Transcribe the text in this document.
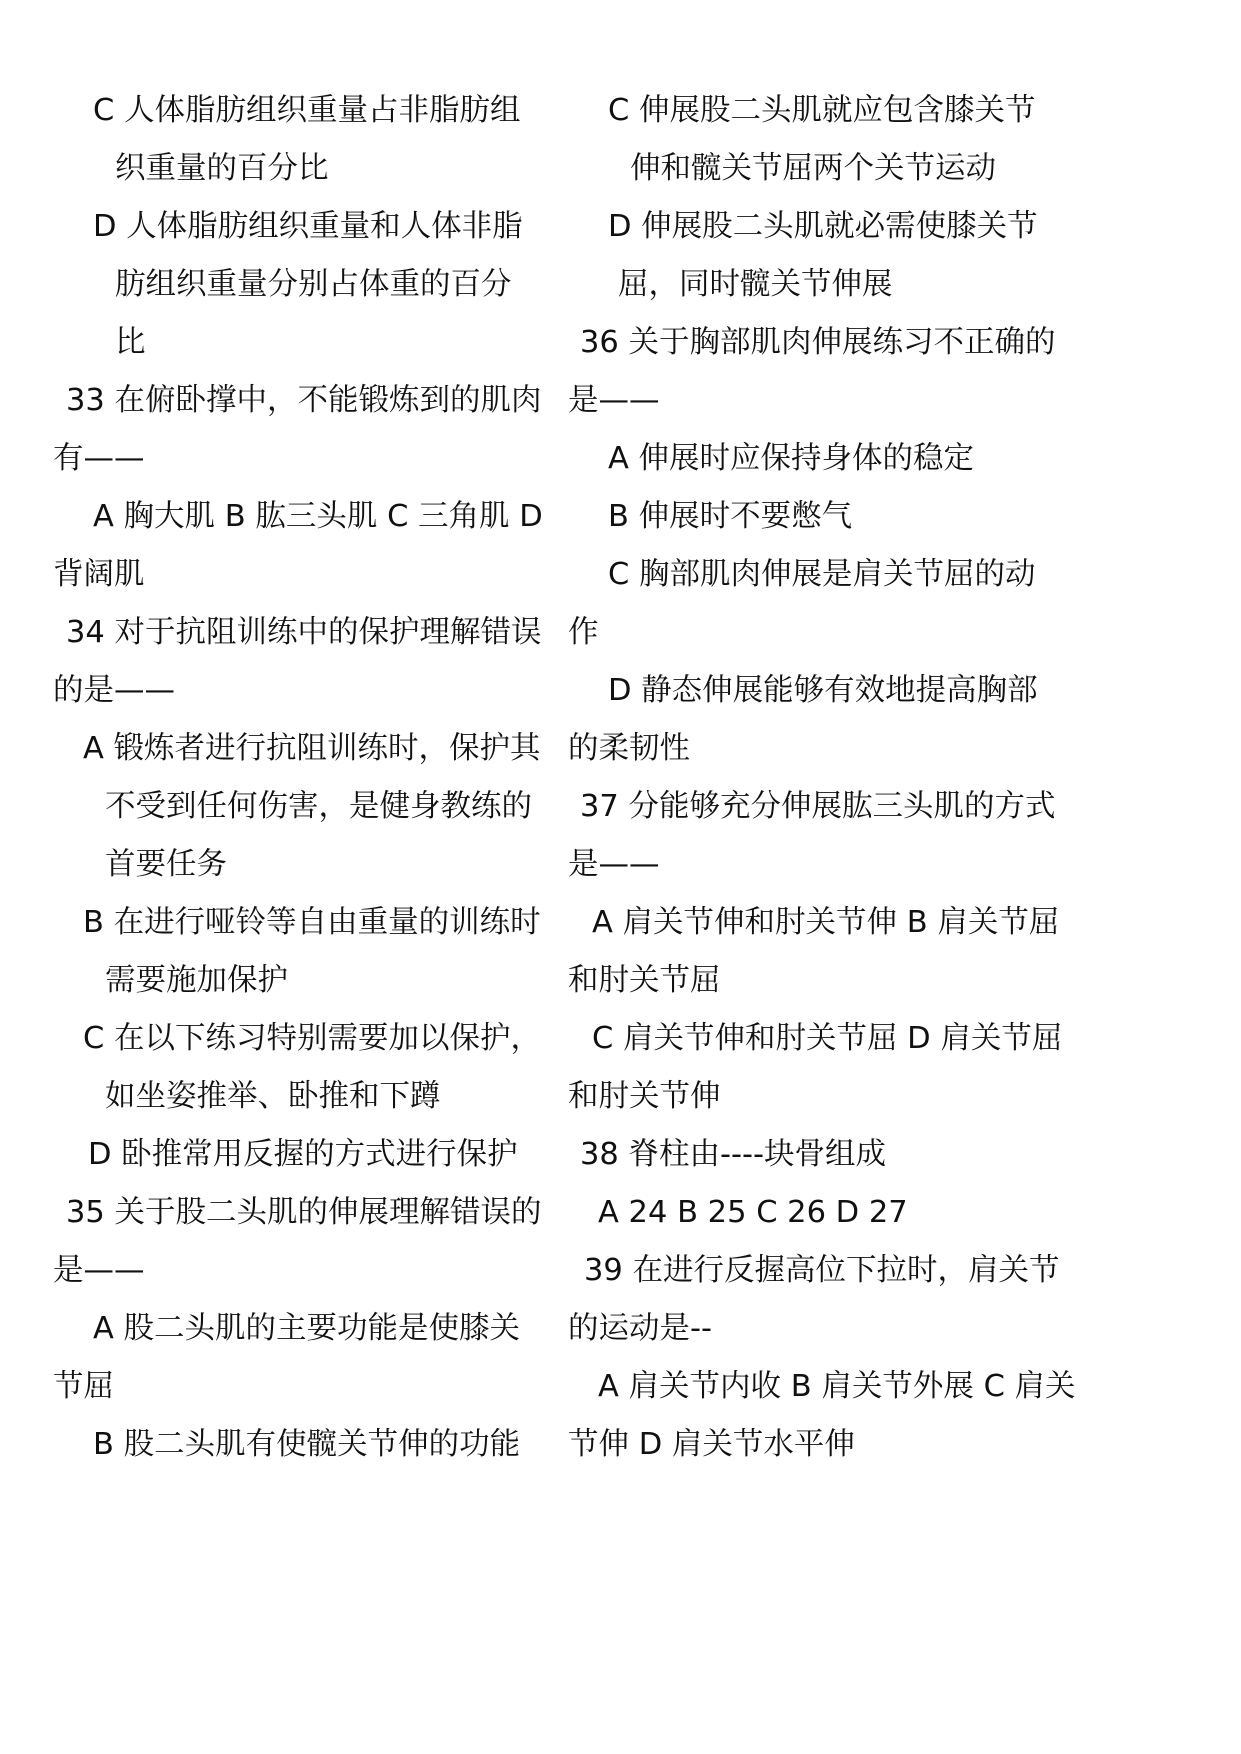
C 人体脂肪组织重量占非脂肪组
织重量的百分比
D 人体脂肪组织重量和人体非脂
肪组织重量分别占体重的百分
比
33 在俯卧撑中，不能锻炼到的肌肉
有——
A 胸大肌 B 肱三头肌 C 三角肌 D
背阔肌
34 对于抗阻训练中的保护理解错误
的是——
A 锻炼者进行抗阻训练时，保护其
不受到任何伤害，是健身教练的
首要任务
B 在进行哑铃等自由重量的训练时
需要施加保护
C 在以下练习特别需要加以保护，
如坐姿推举、卧推和下蹲
D 卧推常用反握的方式进行保护
35 关于股二头肌的伸展理解错误的
是——
A 股二头肌的主要功能是使膝关
节屈
B 股二头肌有使髋关节伸的功能
C 伸展股二头肌就应包含膝关节
伸和髋关节屈两个关节运动
D 伸展股二头肌就必需使膝关节
屈，同时髋关节伸展
36 关于胸部肌肉伸展练习不正确的
是——
A 伸展时应保持身体的稳定
B 伸展时不要憋气
C 胸部肌肉伸展是肩关节屈的动
作
D 静态伸展能够有效地提高胸部
的柔韧性
37 分能够充分伸展肱三头肌的方式
是——
A 肩关节伸和肘关节伸 B 肩关节屈
和肘关节屈
C 肩关节伸和肘关节屈 D 肩关节屈
和肘关节伸
38 脊柱由----块骨组成
A 24 B 25 C 26 D 27
39 在进行反握高位下拉时，肩关节
的运动是--
A 肩关节内收 B 肩关节外展 C 肩关
节伸 D 肩关节水平伸
